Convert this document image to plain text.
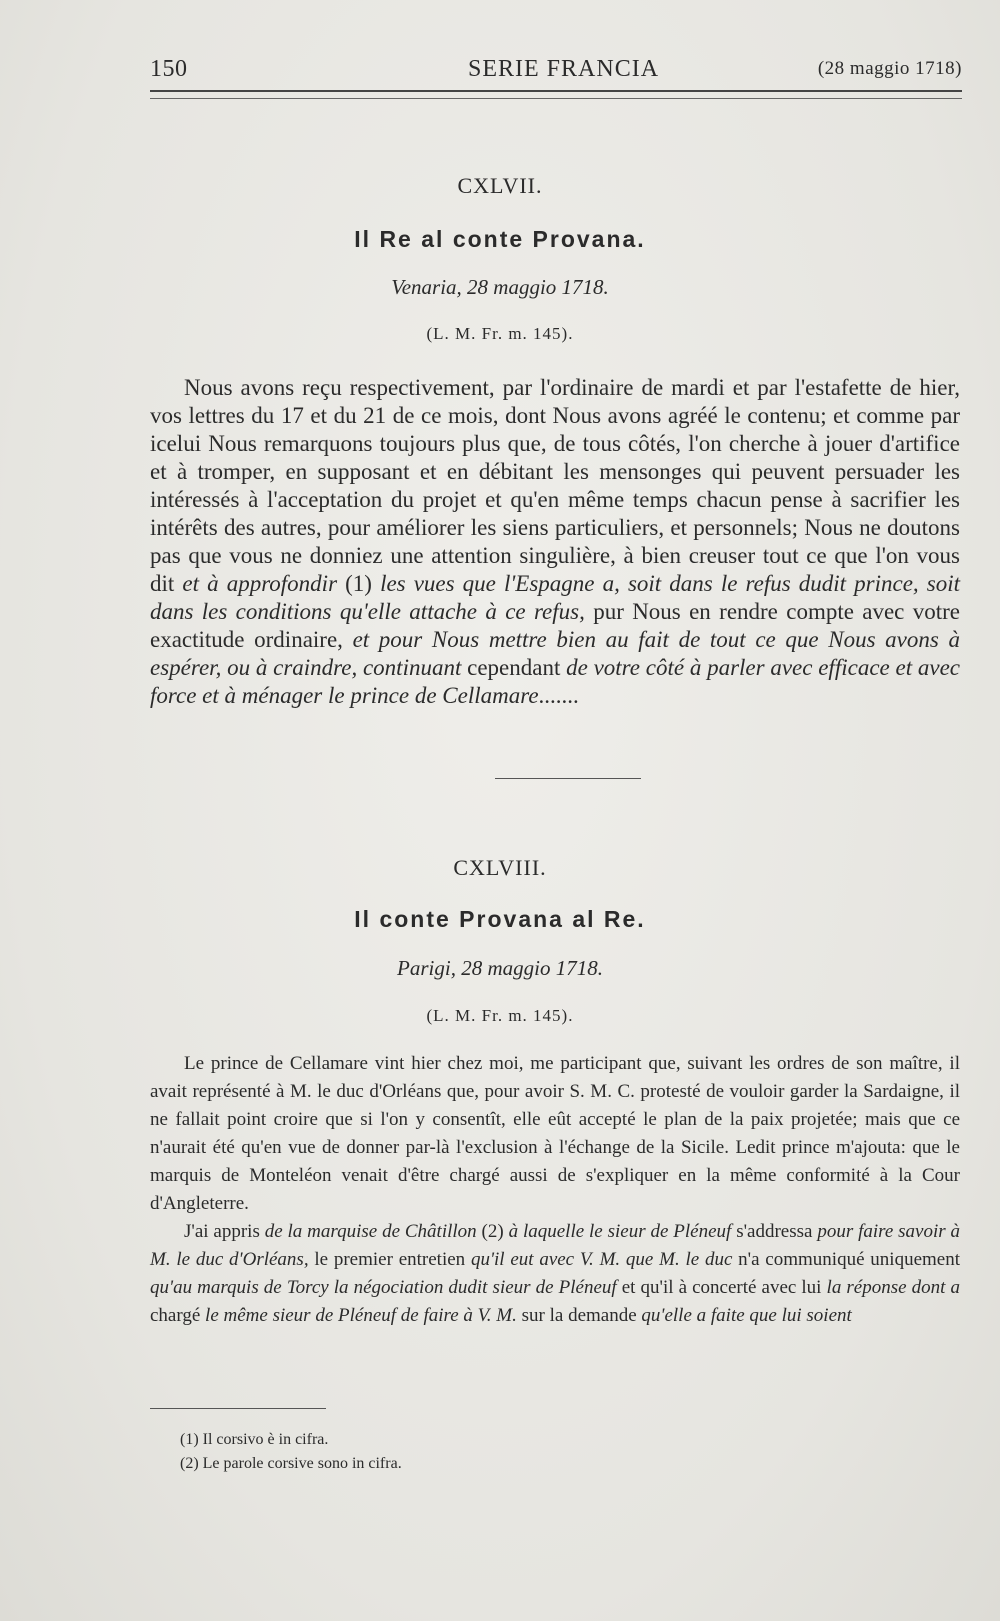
150	SERIE FRANCIA	(28 maggio 1718)
CXLVII.
Il Re al conte Provana.
Venaria, 28 maggio 1718.
(L. M. Fr. m. 145).

Nous avons reçu respectivement, par l'ordinaire de mardi et par l'estafette de hier, vos lettres du 17 et du 21 de ce mois, dont Nous avons agréé le contenu; et comme par icelui Nous remarquons toujours plus que, de tous côtés, l'on cherche à jouer d'artifice et à tromper, en supposant et en débitant les mensonges qui peuvent persuader les intéressés à l'acceptation du projet et qu'en même temps chacun pense à sacrifier les intérêts des autres, pour améliorer les siens particuliers, et personnels; Nous ne doutons pas que vous ne donniez une attention singulière, à bien creuser tout ce que l'on vous dit et à approfondir (1) les vues que l'Espagne a, soit dans le refus dudit prince, soit dans les conditions qu'elle attache à ce refus, pur Nous en rendre compte avec votre exactitude ordinaire, et pour Nous mettre bien au fait de tout ce que Nous avons à espérer, ou à craindre, continuant cependant de votre côté à parler avec efficace et avec force et à ménager le prince de Cellamare.......

CXLVIII.
Il conte Provana al Re.
Parigi, 28 maggio 1718.
(L. M. Fr. m. 145).

Le prince de Cellamare vint hier chez moi, me participant que, suivant les ordres de son maître, il avait représenté à M. le duc d'Orléans que, pour avoir S. M. C. protesté de vouloir garder la Sardaigne, il ne fallait point croire que si l'on y consentît, elle eût accepté le plan de la paix projetée; mais que ce n'aurait été qu'en vue de donner par-là l'exclusion à l'échange de la Sicile. Ledit prince m'ajouta: que le marquis de Monteléon venait d'être chargé aussi de s'expliquer en la même conformité à la Cour d'Angleterre.

J'ai appris de la marquise de Châtillon (2) à laquelle le sieur de Pléneuf s'addressa pour faire savoir à M. le duc d'Orléans, le premier entretien qu'il eut avec V. M. que M. le duc n'a communiqué uniquement qu'au marquis de Torcy la négociation dudit sieur de Pléneuf et qu'il à concerté avec lui la réponse dont a chargé le même sieur de Pléneuf de faire à V. M. sur la demande qu'elle a faite que lui soient

(1) Il corsivo è in cifra.
(2) Le parole corsive sono in cifra.
